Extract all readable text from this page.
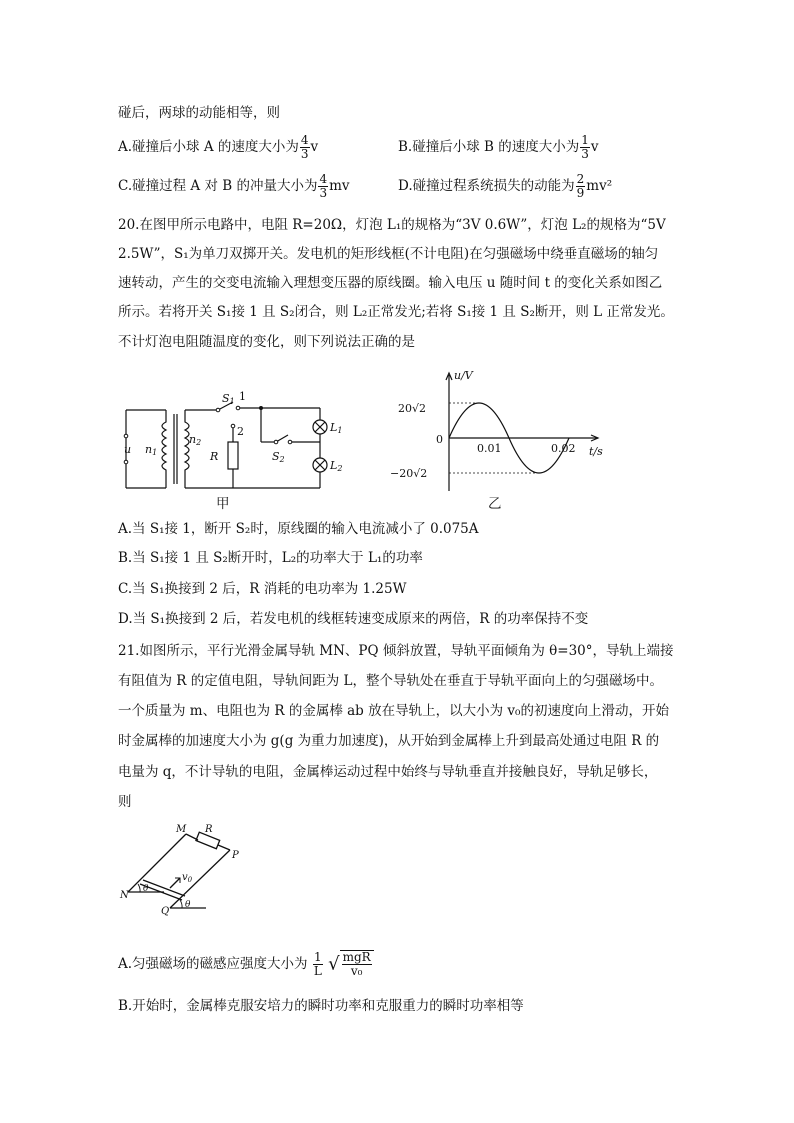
碰后，两球的动能相等，则
A.碰撞后小球 A 的速度大小为 $\frac{4}{3}$ v	B.碰撞后小球 B 的速度大小为 $\frac{1}{3}$ v
C.碰撞过程 A 对 B 的冲量大小为 $\frac{4}{3}$ mv	D.碰撞过程系统损失的动能为 $\frac{2}{9} mv^2$
20.在图甲所示电路中，电阻 R=20Ω，灯泡 L₁的规格为“3V 0.6W”，灯泡 L₂的规格为“5V
2.5W”，S₁为单刀双掷开关。发电机的矩形线框(不计电阻)在匀强磁场中绕垂直磁场的轴匀
速转动，产生的交变电流输入理想变压器的原线圈。输入电压 u 随时间 t 的变化关系如图乙
所示。若将开关 S₁接 1 且 S₂闭合，则 L₂正常发光;若将 S₁接 1 且 S₂断开，则 L 正常发光。
不计灯泡电阻随温度的变化，则下列说法正确的是
u n1
n2
R
S1
S2
L1
L2
1
2
甲
u/V
20√2
0
−20√2
0.01	0.02 t/s
乙
A.当 S₁接 1，断开 S₂时，原线圈的输入电流减小了 0.075A
B.当 S₁接 1 且 S₂断开时，L₂的功率大于 L₁的功率
C.当 S₁换接到 2 后，R 消耗的电功率为 1.25W
D.当 S₁换接到 2 后，若发电机的线框转速变成原来的两倍，R 的功率保持不变
21.如图所示，平行光滑金属导轨 MN、PQ 倾斜放置，导轨平面倾角为 θ=30°，导轨上端接
有阻值为 R 的定值电阻，导轨间距为 L，整个导轨处在垂直于导轨平面向上的匀强磁场中。
一个质量为 m、电阻也为 R 的金属棒 ab 放在导轨上，以大小为 v₀的初速度向上滑动，开始
时金属棒的加速度大小为 g(g 为重力加速度)，从开始到金属棒上升到最高处通过电阻 R 的
电量为 q，不计导轨的电阻，金属棒运动过程中始终与导轨垂直并接触良好，导轨足够长，
则
M R
P
N
Q
$v_0$
θ
θ
A.匀强磁场的磁感应强度大小为 $\frac{1}{L}$ √ $\frac{\text{mgR}}{\text{v₀}}$
B.开始时，金属棒克服安培力的瞬时功率和克服重力的瞬时功率相等
